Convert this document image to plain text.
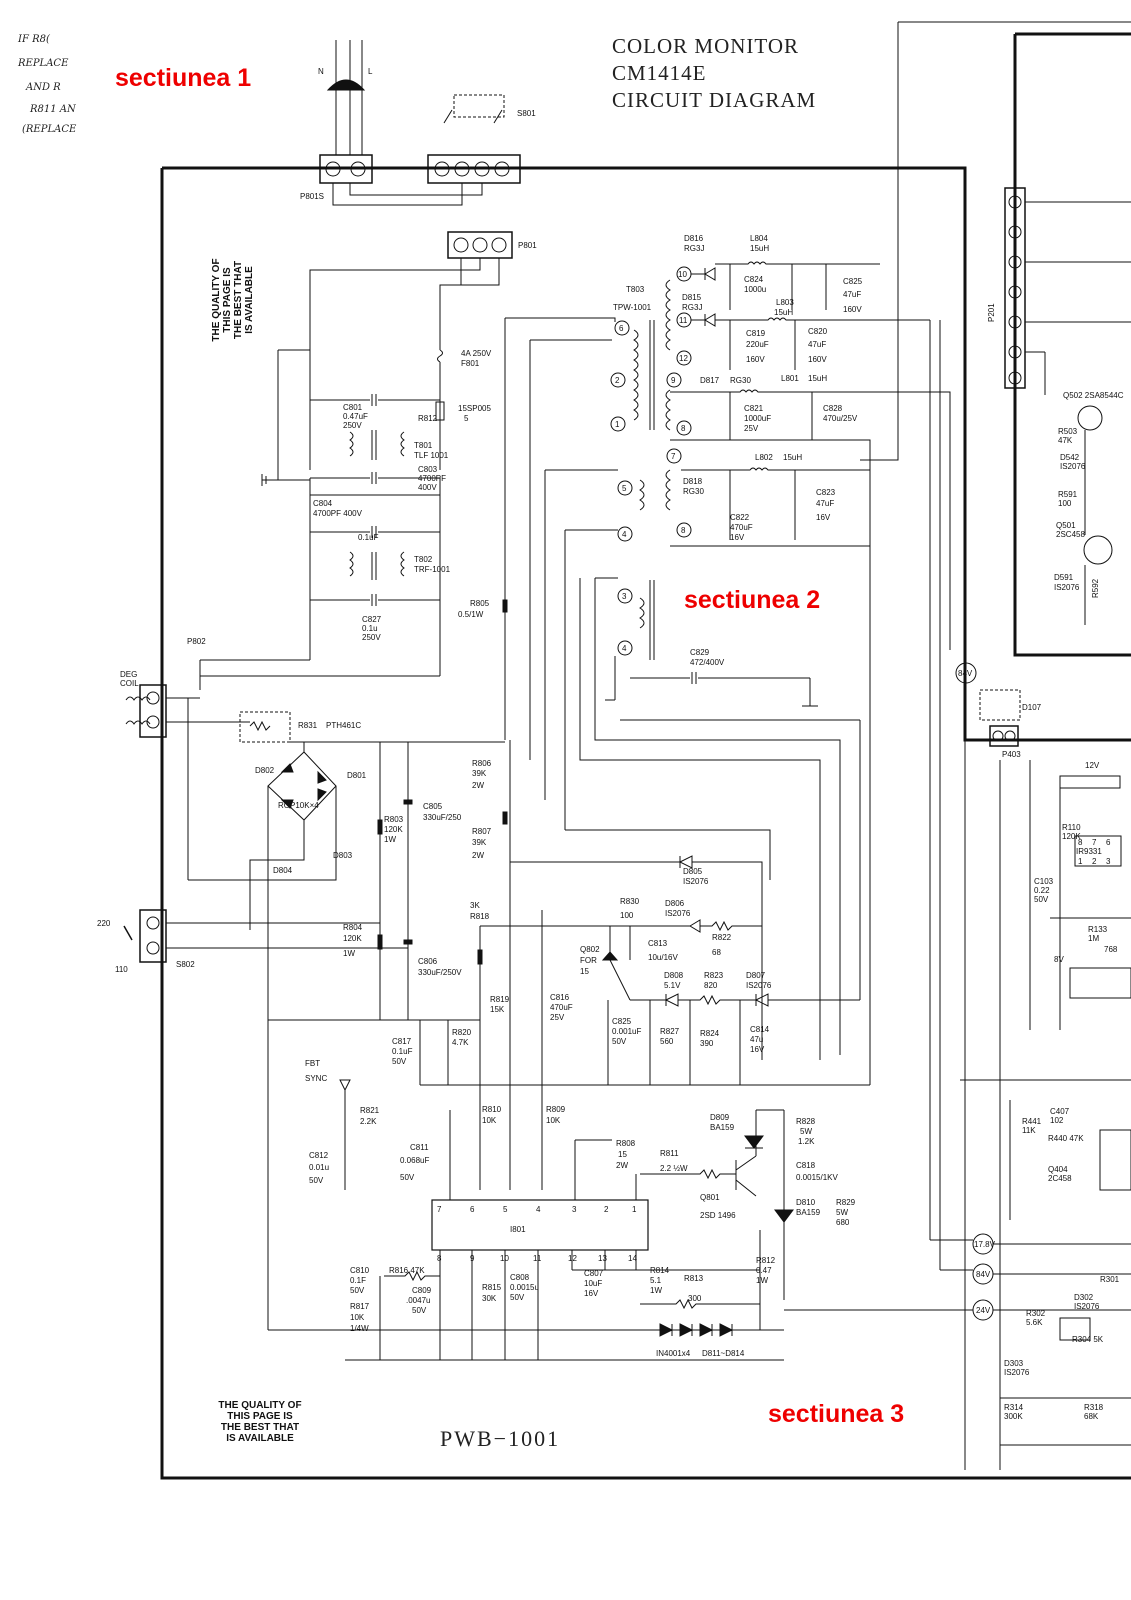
IF R8(
REPLACE
AND R
R811 AN
(REPLACE
COLOR MONITOR
CM1414E
CIRCUIT DIAGRAM
sectiunea 1
sectiunea 2
sectiunea 3
THE QUALITY OF THIS PAGE IS THE BEST THAT IS AVAILABLE
THE QUALITY OF
THIS PAGE IS
THE BEST THAT
IS AVAILABLE	PWB−1001
N	L
S801
P801S
P801
4A 250V
F801
C801
0.47uF
250V
15SP005
5
R812
T801
TLF 1001
C803
4700PF
400V
C804
4700PF 400V
0.1uF
T802
TRF-1001
C827
0.1u
250V
R805
0.5/1W
P802
DEG
COIL
R831 PTH461C
D802
D801
RGP10K×4
D803
D804
R803
120K
1W
C805
330uF/250
R806
39K
2W
R807
39K
2W
R804
120K
1W
C806
330uF/250V
220
110
S802
T803
TPW-1001
6
2
1
5
4
3
4
10
11
12
9
8
7
8
C829
472/400V
D816
RG3J
L804
15uH
C824
1000u
C825
47uF
160V
D815
RG3J
L803
15uH
C819
220uF
160V
C820
47uF
160V
D817 RG30	L801 15uH
C821
1000uF
25V
C828
470u/25V
L802 15uH
D818
RG30
C822
470uF
16V
C823
47uF
16V
D805
IS2076
R830
100
D806
IS2076
R822
68
3K
R818
Q802
FOR
15
C813
10u/16V
D808
5.1V
R823
820
D807
IS2076
R819
15K
C816
470uF
25V	C825
0.001uF
50V
R827
560
R824
390
C814
47u
16V
R820
4.7K
C817
0.1uF
50V
FBT
SYNC
R821
2.2K
C812
0.01u
50V
C811
0.068uF
50V
R810
10K
R809
10K
R808
15
2W
R811
2.2 ½W
D809
BA159
R828
5W
1.2K
C818
0.0015/1KV
Q801
2SD 1496
D810
BA159
R829
5W
680
I801
7	6	5	4	3	2	1
8	9	10	11	12	13	14
C810
0.1F
50V
R816 47K
C809
.0047u
50V
R817
10K
1/4W
R815
30K
C808
0.0015u
50V
C807
10uF
16V
R814
5.1
1W
R813
300
R812
0.47
1W
IN4001x4 D811~D814
P201
Q502 2SA8544C
R503
47K
D542
IS2076
R591
100
Q501
2SC458
D591
IS2076 R592
84V
D107
P403
12V
R110
120K
8 7 6
IR9331
1 2 3
C103
0.22
50V
R133
1M
768
8V
R441
11K
C407
102
R440 47K
Q404
2C458
17.8V
84V
24V
R301
D302
IS2076
R302
5.6K
R304 5K
D303
IS2076
R314
300K
R318
68K
